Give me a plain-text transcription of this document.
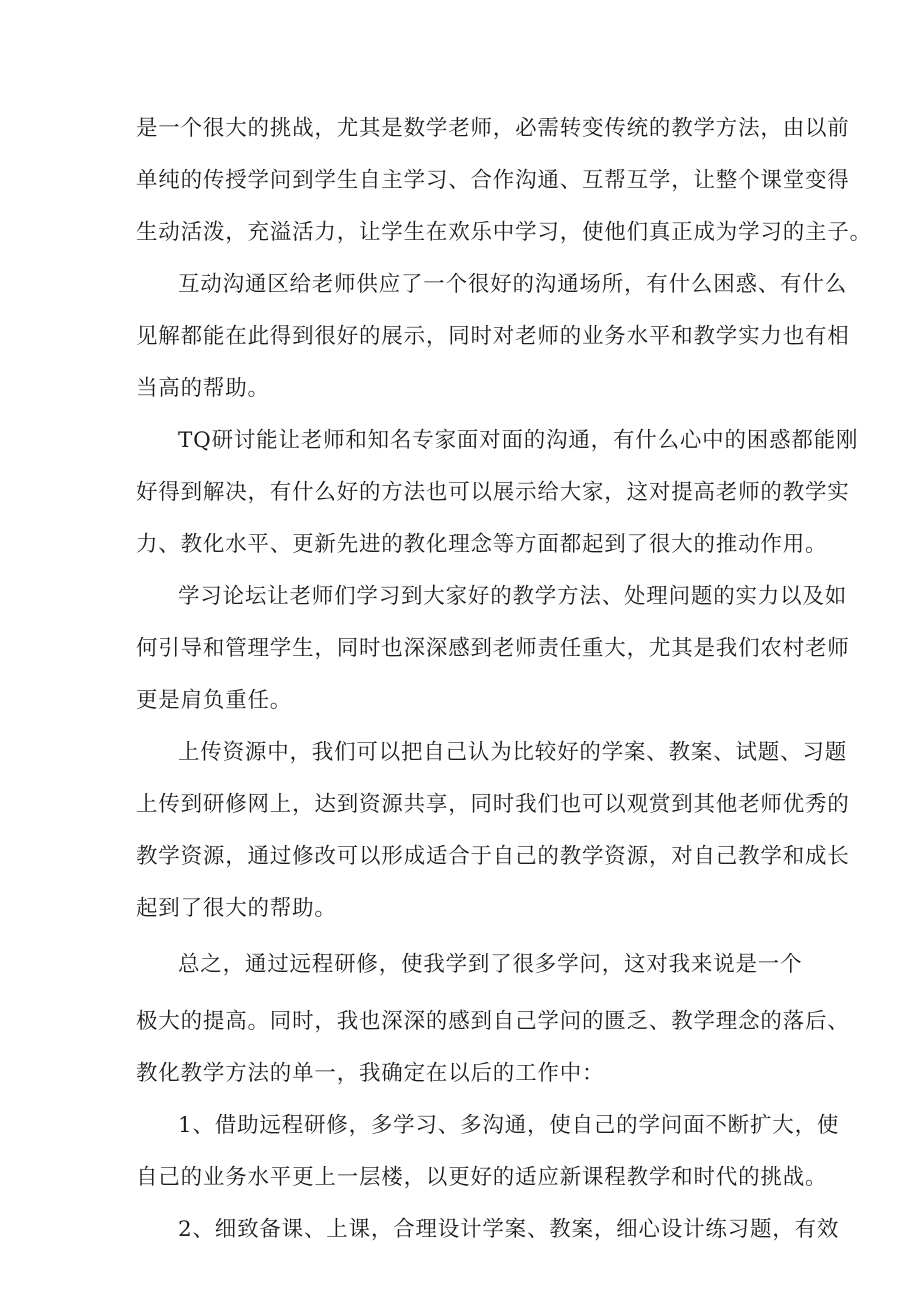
是一个很大的挑战，尤其是数学老师，必需转变传统的教学方法，由以前
单纯的传授学问到学生自主学习、合作沟通、互帮互学，让整个课堂变得
生动活泼，充溢活力，让学生在欢乐中学习，使他们真正成为学习的主子。
互动沟通区给老师供应了一个很好的沟通场所，有什么困惑、有什么
见解都能在此得到很好的展示，同时对老师的业务水平和教学实力也有相
当高的帮助。
TQ研讨能让老师和知名专家面对面的沟通，有什么心中的困惑都能刚
好得到解决，有什么好的方法也可以展示给大家，这对提高老师的教学实
力、教化水平、更新先进的教化理念等方面都起到了很大的推动作用。
学习论坛让老师们学习到大家好的教学方法、处理问题的实力以及如
何引导和管理学生，同时也深深感到老师责任重大，尤其是我们农村老师
更是肩负重任。
上传资源中，我们可以把自己认为比较好的学案、教案、试题、习题
上传到研修网上，达到资源共享，同时我们也可以观赏到其他老师优秀的
教学资源，通过修改可以形成适合于自己的教学资源，对自己教学和成长
起到了很大的帮助。
总之，通过远程研修，使我学到了很多学问，这对我来说是一个
极大的提高。同时，我也深深的感到自己学问的匮乏、教学理念的落后、
教化教学方法的单一，我确定在以后的工作中：
1、借助远程研修，多学习、多沟通，使自己的学问面不断扩大，使
自己的业务水平更上一层楼，以更好的适应新课程教学和时代的挑战。
2、细致备课、上课，合理设计学案、教案，细心设计练习题，有效
